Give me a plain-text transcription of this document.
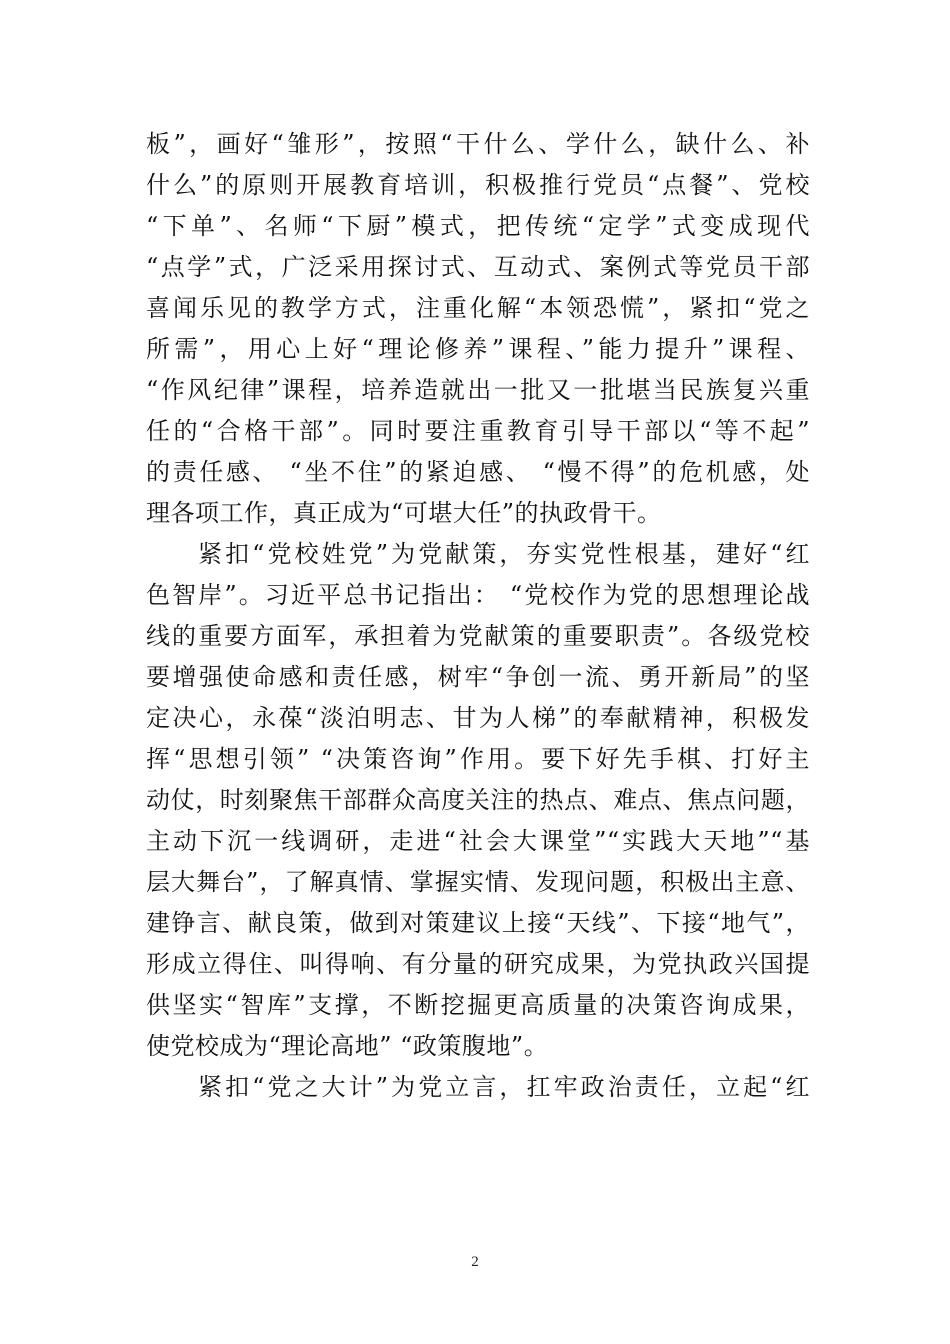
板”，画好“雏形”，按照“干什么、学什么，缺什么、补
什么”的原则开展教育培训，积极推行党员“点餐”、党校
“下单”、名师“下厨”模式，把传统“定学”式变成现代
“点学”式，广泛采用探讨式、互动式、案例式等党员干部
喜闻乐见的教学方式，注重化解“本领恐慌”，紧扣“党之
所需”，用心上好“理论修养”课程、”能力提升”课程、
“作风纪律”课程，培养造就出一批又一批堪当民族复兴重
任的“合格干部”。同时要注重教育引导干部以“等不起”
的责任感、 “坐不住”的紧迫感、 “慢不得”的危机感，处
理各项工作，真正成为“可堪大任”的执政骨干。
紧扣“党校姓党”为党献策，夯实党性根基，建好“红
色智岸”。习近平总书记指出： “党校作为党的思想理论战
线的重要方面军，承担着为党献策的重要职责”。各级党校
要增强使命感和责任感，树牢“争创一流、勇开新局”的坚
定决心，永葆“淡泊明志、甘为人梯”的奉献精神，积极发
挥“思想引领” “决策咨询”作用。要下好先手棋、打好主
动仗，时刻聚焦干部群众高度关注的热点、难点、焦点问题，
主动下沉一线调研，走进“社会大课堂”“实践大天地”“基
层大舞台”，了解真情、掌握实情、发现问题，积极出主意、
建铮言、献良策，做到对策建议上接“天线”、下接“地气”，
形成立得住、叫得响、有分量的研究成果，为党执政兴国提
供坚实“智库”支撑，不断挖掘更高质量的决策咨询成果，
使党校成为“理论高地” “政策腹地”。
紧扣“党之大计”为党立言，扛牢政治责任，立起“红
2
